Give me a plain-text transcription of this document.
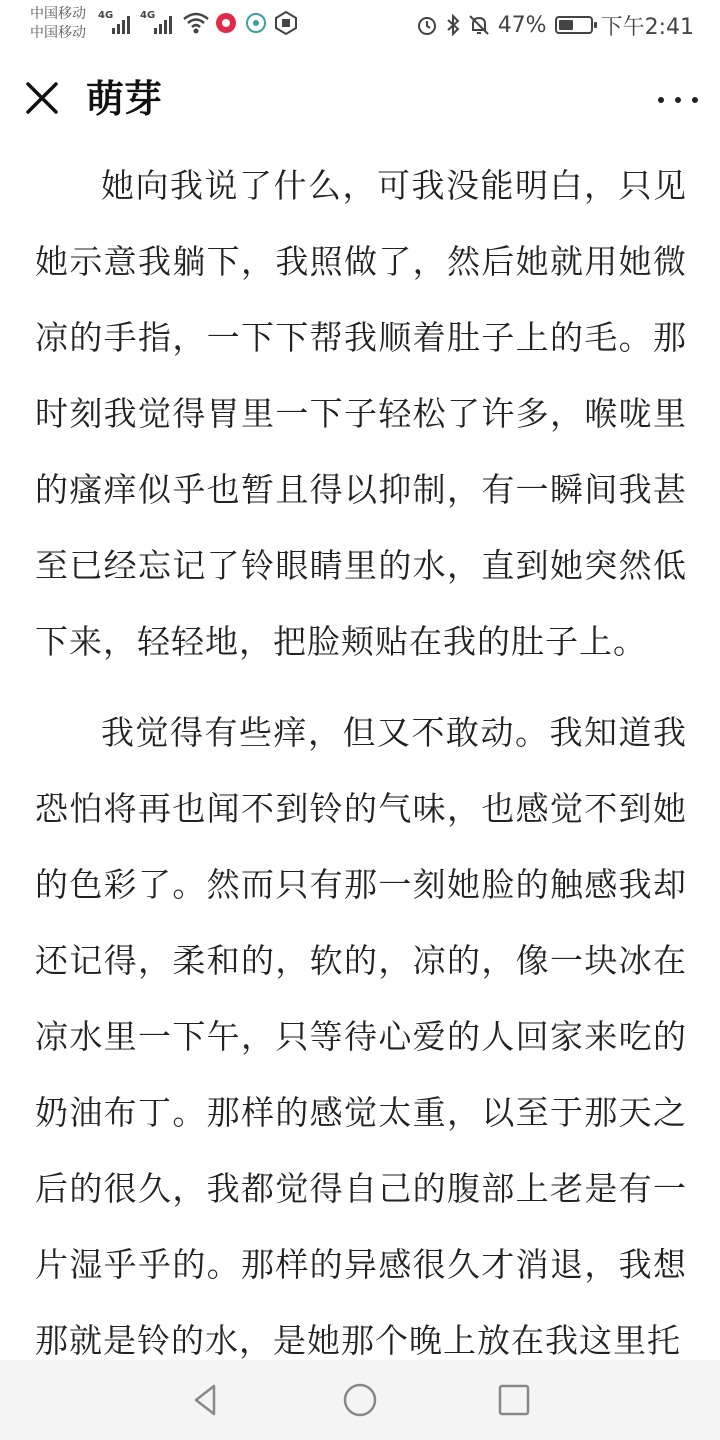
中国移动
中国移动
4G	4G	47% 下午2:41
萌芽

她向我说了什么，可我没能明白，只见她示意我躺下，我照做了，然后她就用她微凉的手指，一下下帮我顺着肚子上的毛。那时刻我觉得胃里一下子轻松了许多，喉咙里的瘙痒似乎也暂且得以抑制，有一瞬间我甚至已经忘记了铃眼睛里的水，直到她突然低下来，轻轻地，把脸颊贴在我的肚子上。

我觉得有些痒，但又不敢动。我知道我恐怕将再也闻不到铃的气味，也感觉不到她的色彩了。然而只有那一刻她脸的触感我却还记得，柔和的，软的，凉的，像一块冰在凉水里一下午，只等待心爱的人回家来吃的奶油布丁。那样的感觉太重，以至于那天之后的很久，我都觉得自己的腹部上老是有一片湿乎乎的。那样的异感很久才消退，我想那就是铃的水，是她那个晚上放在我这里托
